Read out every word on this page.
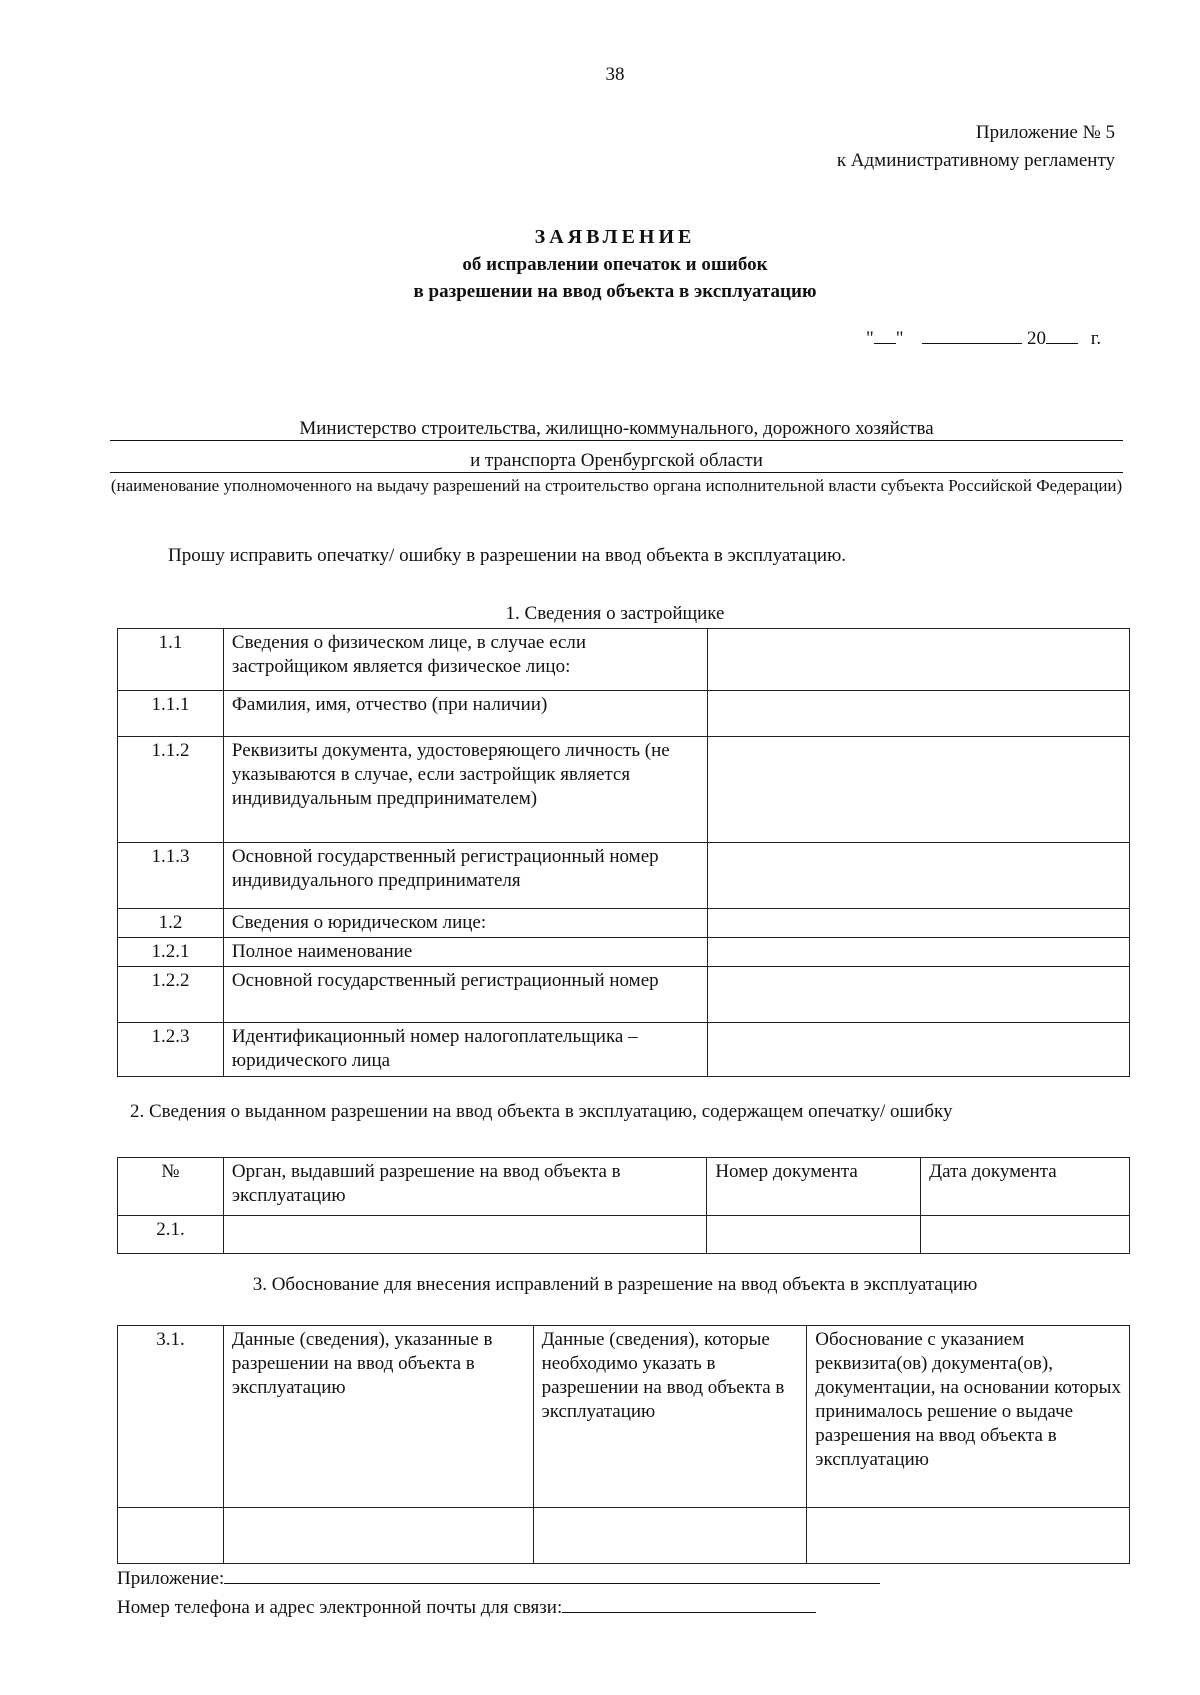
38
Приложение № 5
к Административному регламенту
ЗАЯВЛЕНИЕ
об исправлении опечаток и ошибок
в разрешении на ввод объекта в эксплуатацию
" "	20 г.
Министерство строительства, жилищно-коммунального, дорожного хозяйства
и транспорта Оренбургской области
(наименование уполномоченного на выдачу разрешений на строительство органа исполнительной власти субъекта Российской Федерации)
Прошу исправить опечатку/ ошибку в разрешении на ввод объекта в эксплуатацию.
1. Сведения о застройщике
1.1	Сведения о физическом лице, в случае если застройщиком является физическое лицо:	
1.1.1	Фамилия, имя, отчество (при наличии)	
1.1.2	Реквизиты документа, удостоверяющего личность (не указываются в случае, если застройщик является индивидуальным предпринимателем)	
1.1.3	Основной государственный регистрационный номер индивидуального предпринимателя	
1.2	Сведения о юридическом лице:	
1.2.1	Полное наименование	
1.2.2	Основной государственный регистрационный номер	
1.2.3	Идентификационный номер налогоплательщика – юридического лица	
2. Сведения о выданном разрешении на ввод объекта в эксплуатацию, содержащем опечатку/ ошибку
№	Орган, выдавший разрешение на ввод объекта в эксплуатацию	Номер документа	Дата документа
2.1.			
3. Обоснование для внесения исправлений в разрешение на ввод объекта в эксплуатацию
3.1.	Данные (сведения), указанные в разрешении на ввод объекта в эксплуатацию	Данные (сведения), которые необходимо указать в разрешении на ввод объекта в эксплуатацию	Обоснование с указанием реквизита(ов) документа(ов), документации, на основании которых принималось решение о выдаче разрешения на ввод объекта в эксплуатацию

Приложение:
Номер телефона и адрес электронной почты для связи:
